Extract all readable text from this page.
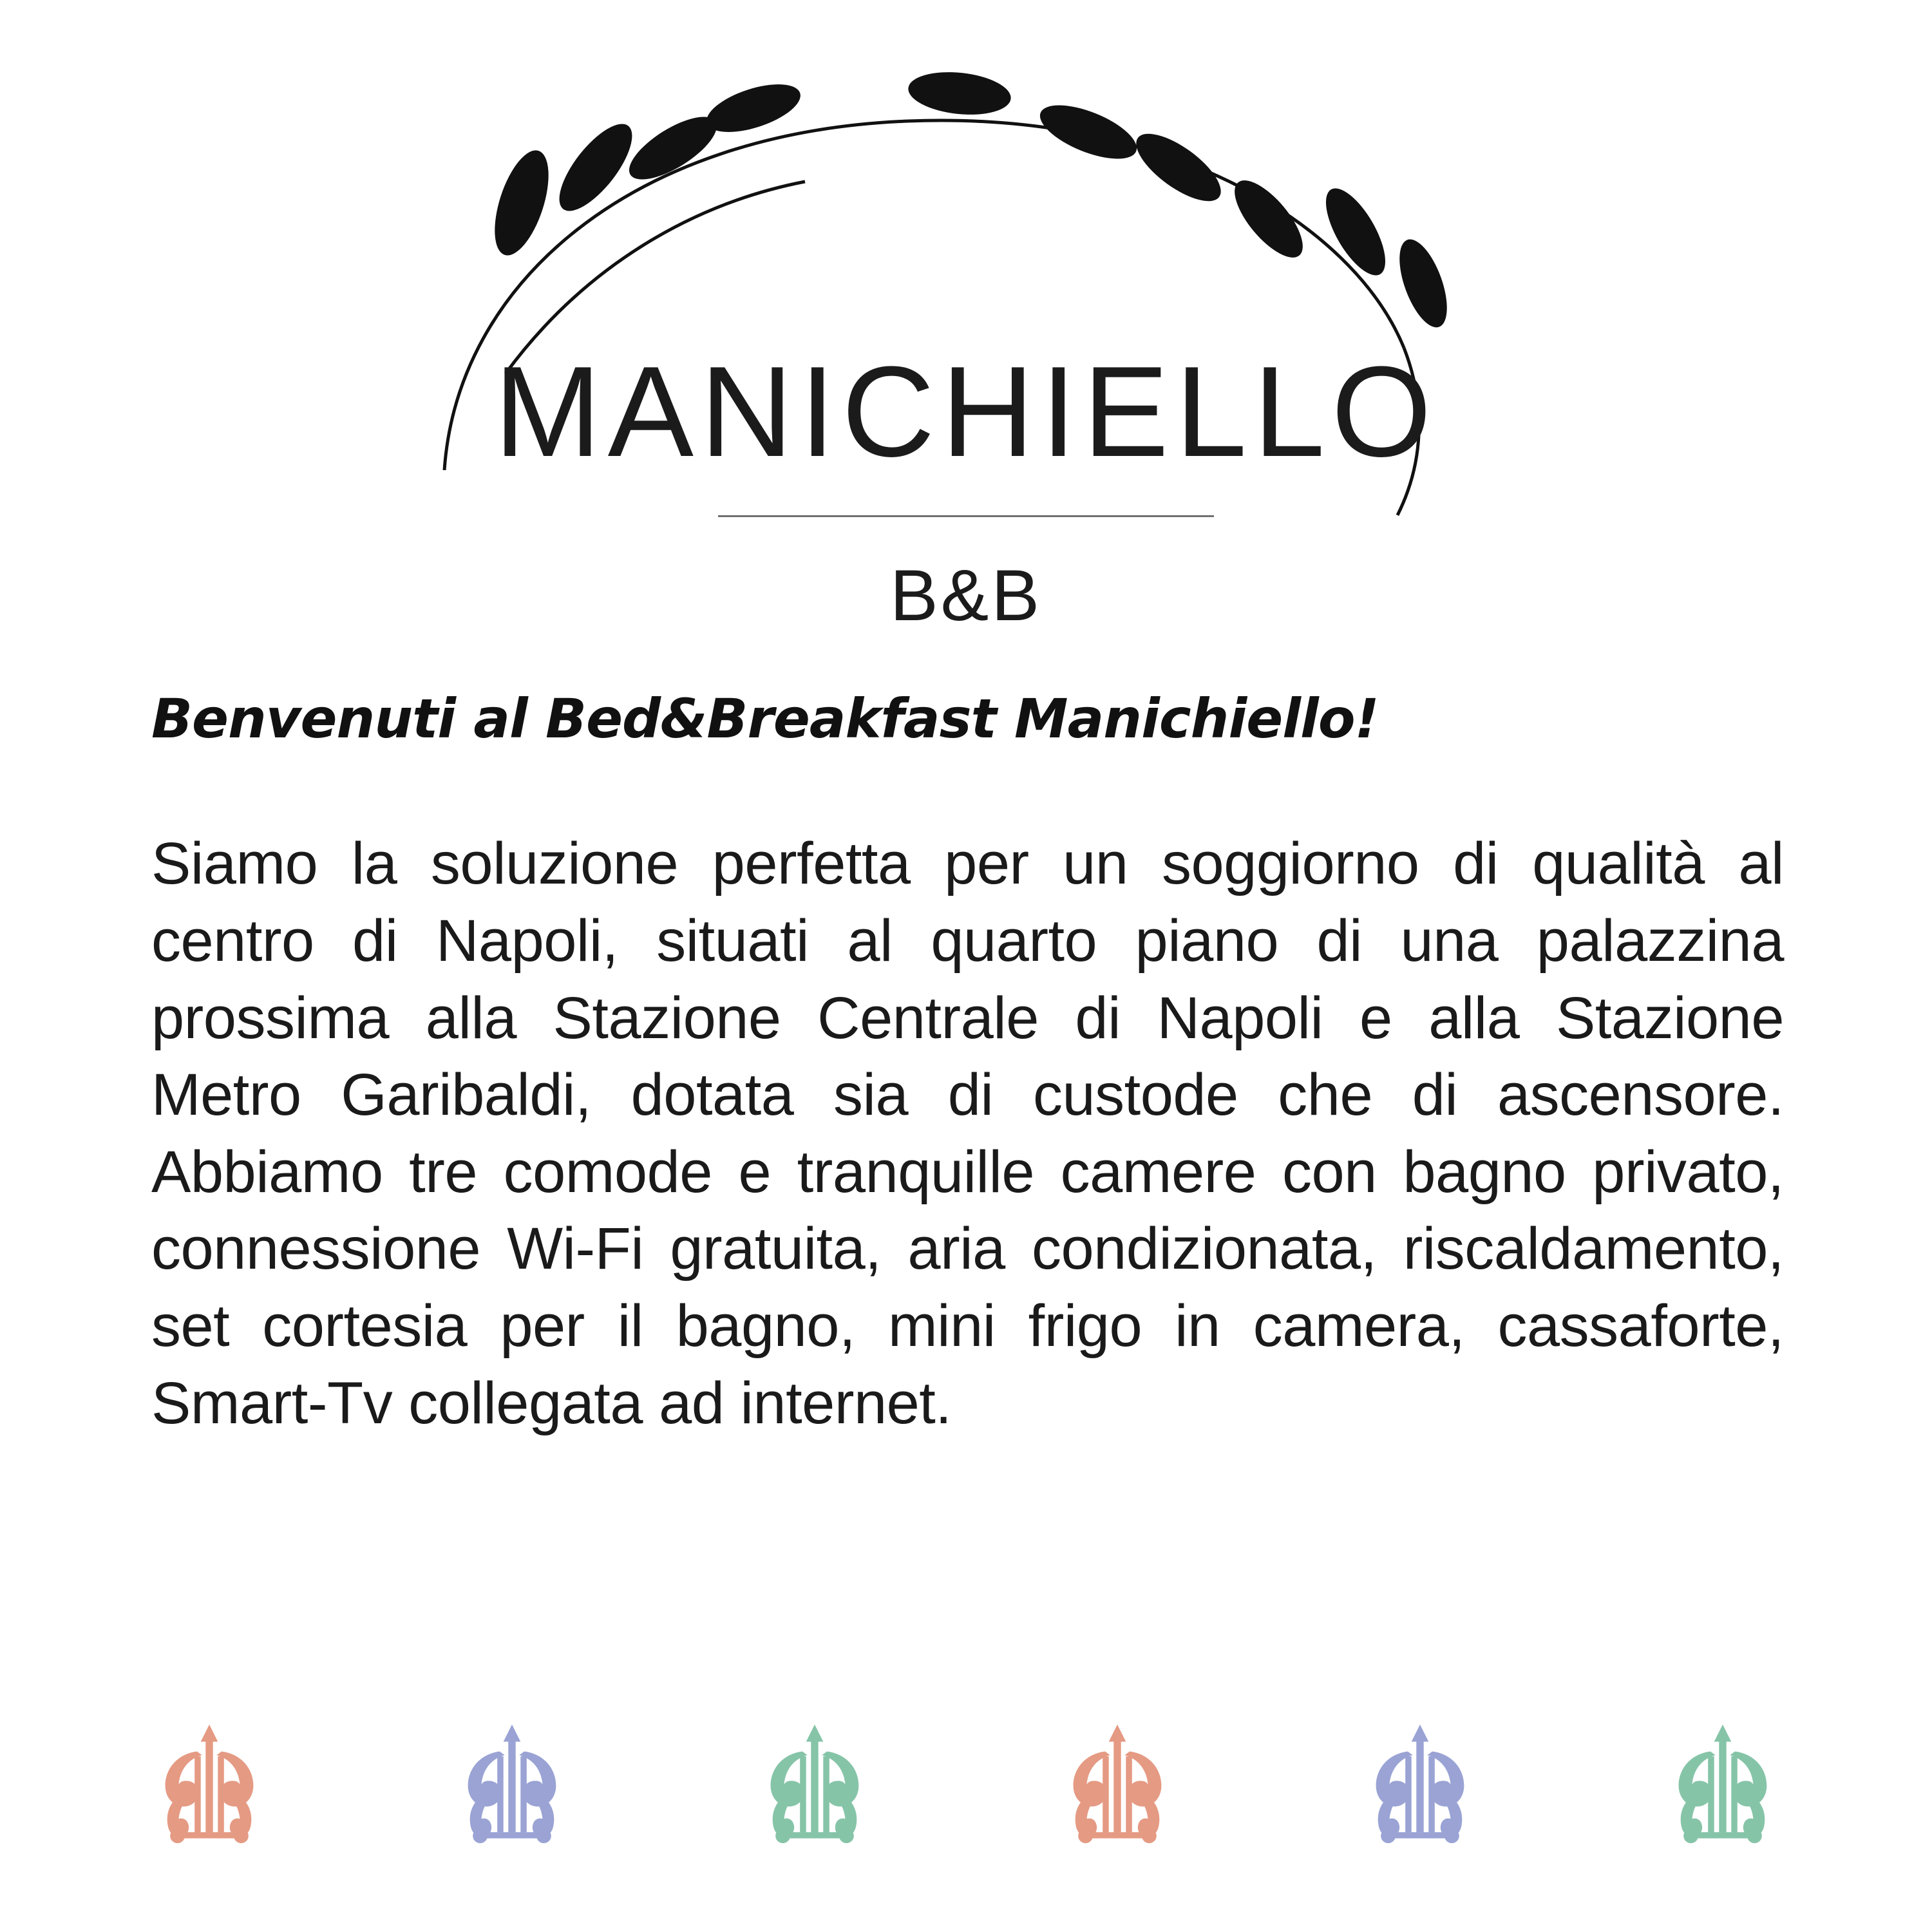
MANICHIELLO
B&B
Benvenuti al Bed&Breakfast Manichiello!

Siamo la soluzione perfetta per un soggiorno di qualità al centro di Napoli, situati al quarto piano di una palazzina prossima alla Stazione Centrale di Napoli e alla Stazione Metro Garibaldi, dotata sia di custode che di ascensore. Abbiamo tre comode e tranquille camere con bagno privato, connessione Wi-Fi gratuita, aria condizionata, riscaldamento, set cortesia per il bagno, mini frigo in camera, cassaforte, Smart-Tv collegata ad internet.
